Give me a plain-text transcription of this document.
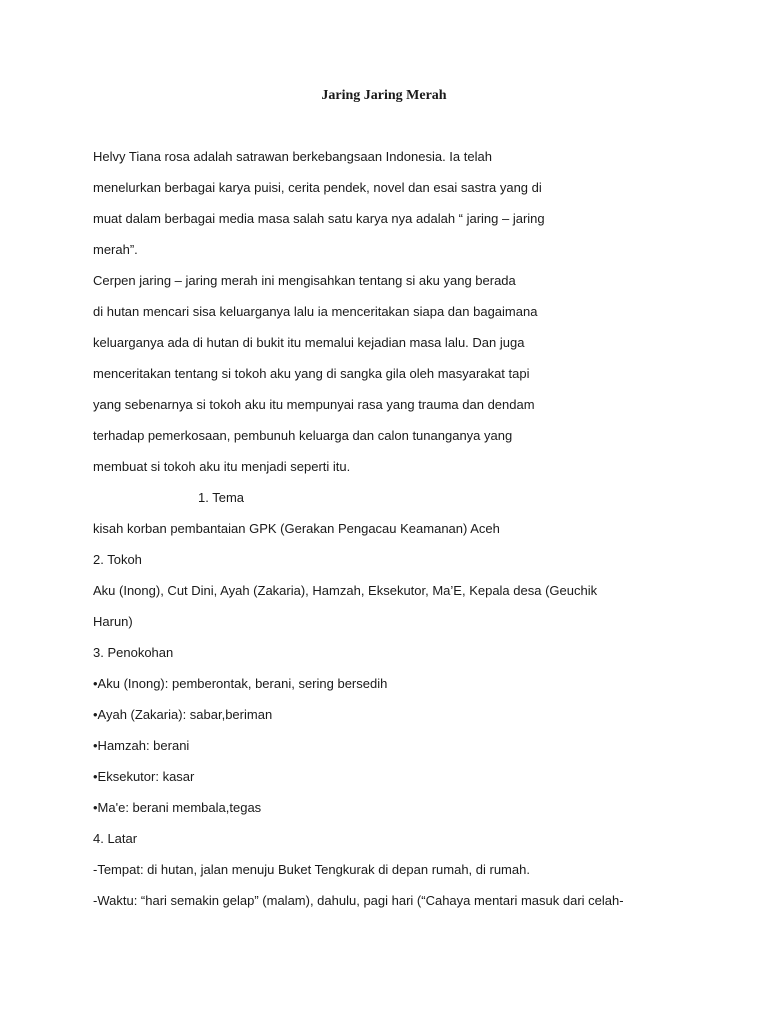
Jaring Jaring Merah
Helvy Tiana rosa adalah satrawan berkebangsaan Indonesia. Ia telah
menelurkan berbagai karya puisi, cerita pendek, novel dan esai sastra yang di
muat dalam berbagai media masa salah satu karya nya adalah “ jaring – jaring
merah”.
Cerpen jaring – jaring merah ini mengisahkan tentang si aku yang berada
di hutan mencari sisa keluarganya lalu ia menceritakan siapa dan bagaimana
keluarganya ada di hutan di bukit itu memalui kejadian masa lalu. Dan juga
menceritakan tentang si tokoh aku yang di sangka gila oleh masyarakat tapi
yang sebenarnya si tokoh aku itu mempunyai rasa yang trauma dan dendam
terhadap pemerkosaan, pembunuh keluarga dan calon tunanganya yang
membuat si tokoh aku itu menjadi seperti itu.
1. Tema
kisah korban pembantaian GPK (Gerakan Pengacau Keamanan) Aceh
2. Tokoh
Aku (Inong), Cut Dini, Ayah (Zakaria), Hamzah, Eksekutor, Ma’E, Kepala desa (Geuchik
Harun)
3. Penokohan
•Aku (Inong): pemberontak, berani, sering bersedih
•Ayah (Zakaria): sabar,beriman
•Hamzah: berani
•Eksekutor: kasar
•Ma'e: berani membala,tegas
4. Latar
-Tempat: di hutan, jalan menuju Buket Tengkurak di depan rumah, di rumah.
-Waktu: “hari semakin gelap” (malam), dahulu, pagi hari (“Cahaya mentari masuk dari celah-
